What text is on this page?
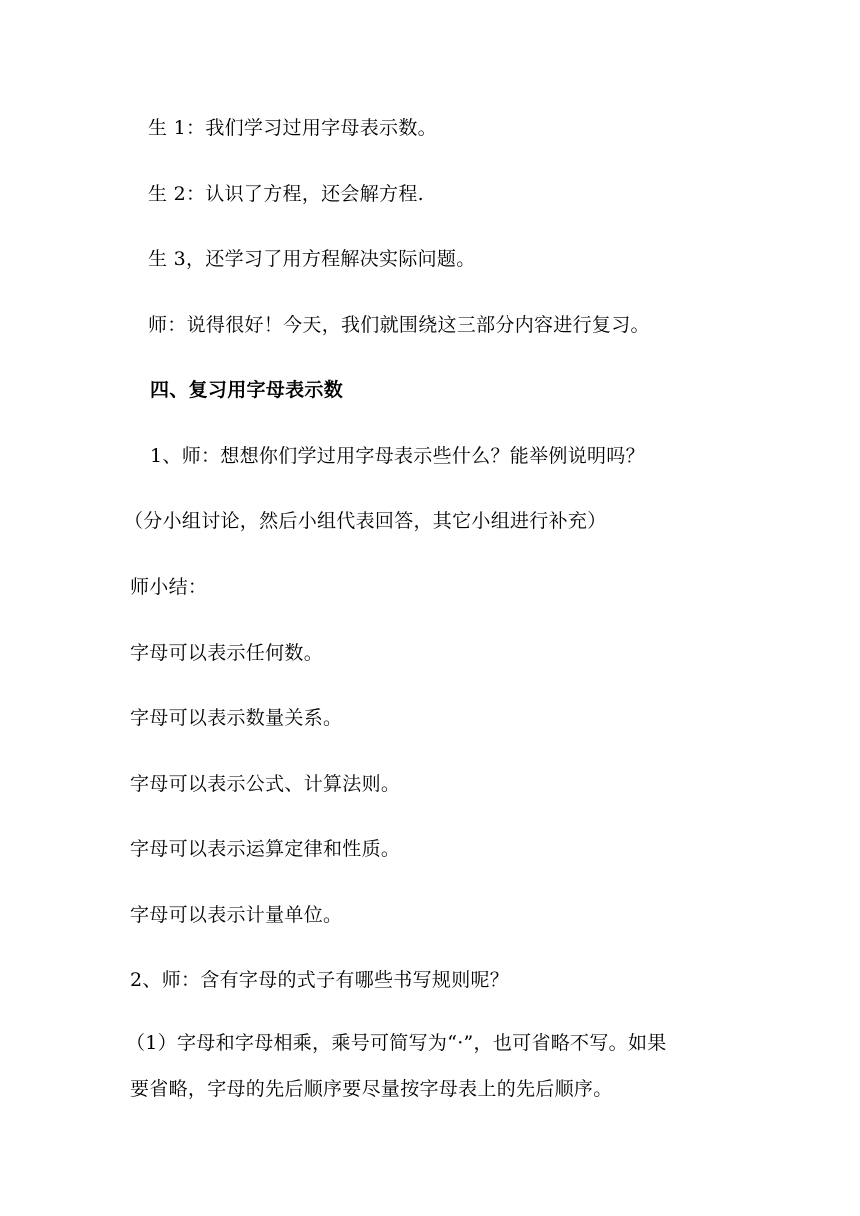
生 1：我们学习过用字母表示数。
生 2：认识了方程，还会解方程.
生 3，还学习了用方程解决实际问题。
师：说得很好！今天，我们就围绕这三部分内容进行复习。
四、复习用字母表示数
1、师：想想你们学过用字母表示些什么？能举例说明吗？
（分小组讨论，然后小组代表回答，其它小组进行补充）
师小结：
字母可以表示任何数。
字母可以表示数量关系。
字母可以表示公式、计算法则。
字母可以表示运算定律和性质。
字母可以表示计量单位。
2、师：含有字母的式子有哪些书写规则呢？
（1）字母和字母相乘，乘号可简写为“·”，也可省略不写。如果
要省略，字母的先后顺序要尽量按字母表上的先后顺序。
